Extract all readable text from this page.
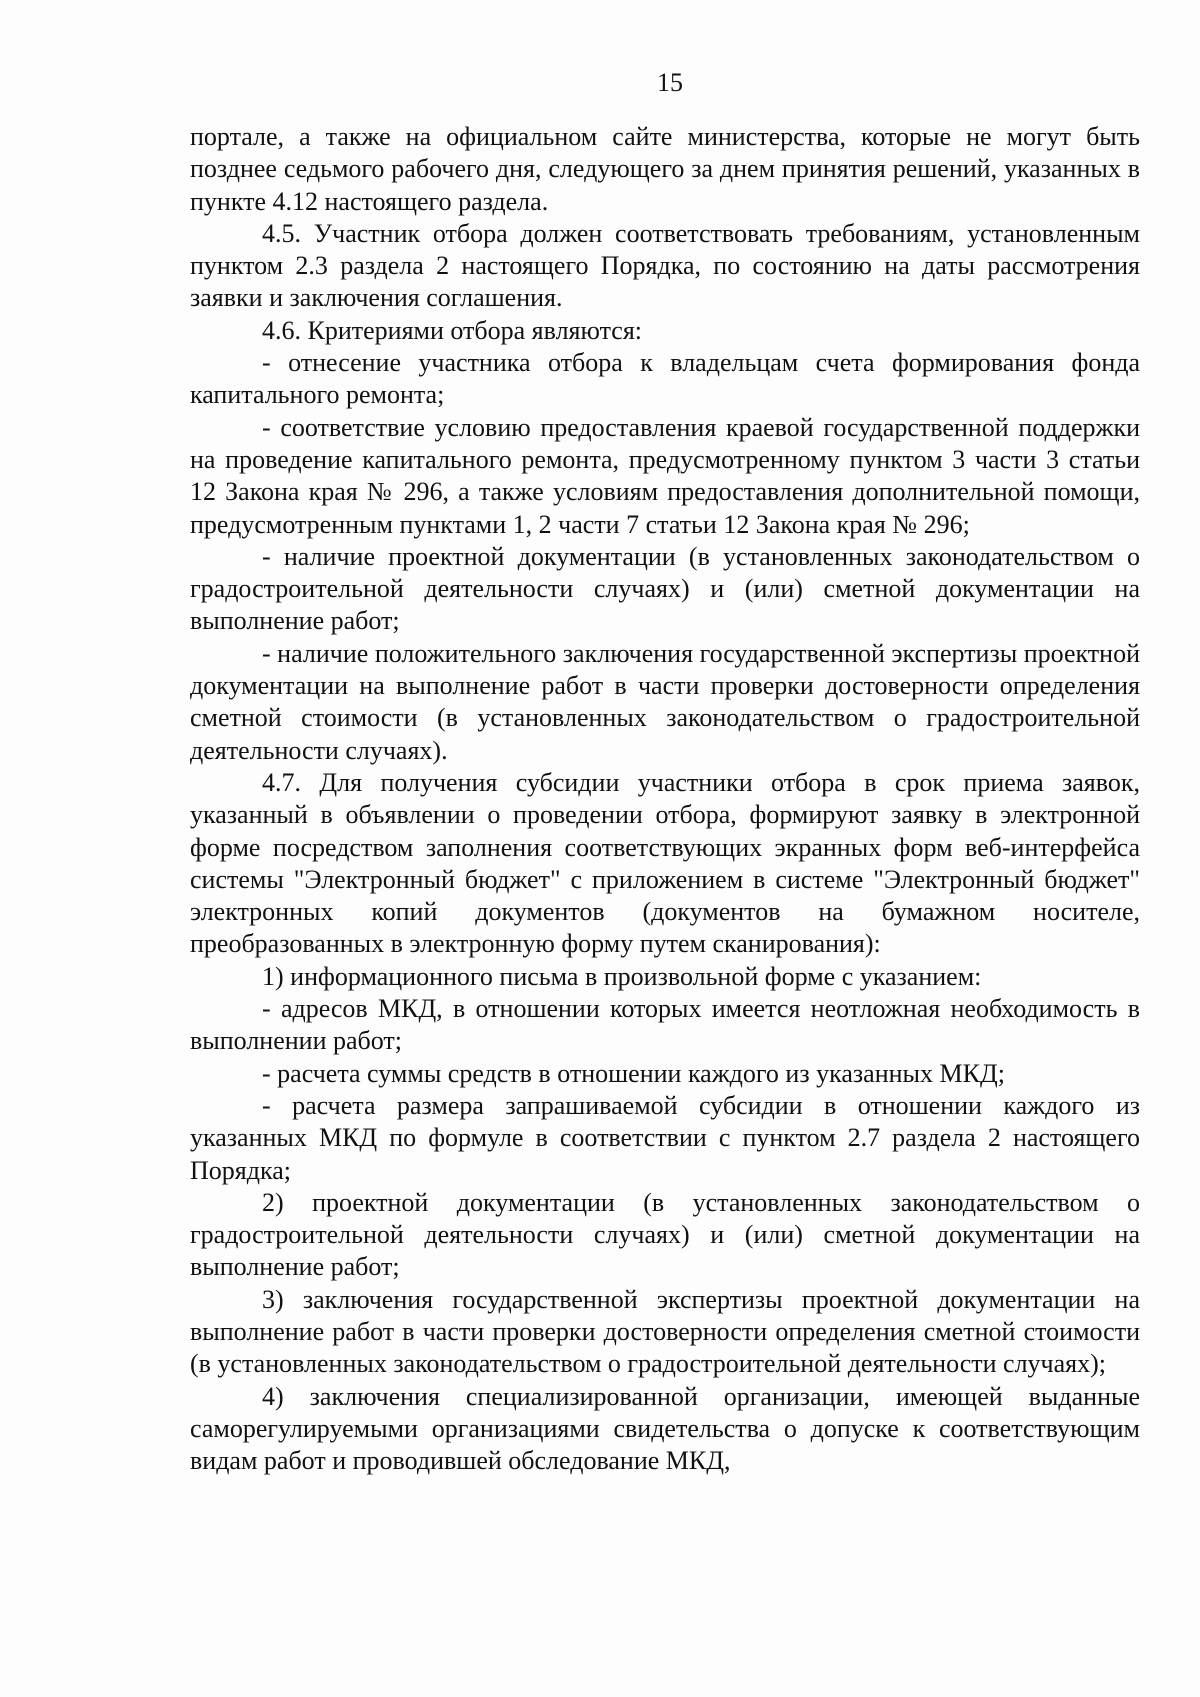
15

портале, а также на официальном сайте министерства, которые не могут быть позднее седьмого рабочего дня, следующего за днем принятия решений, указанных в пункте 4.12 настоящего раздела.

4.5. Участник отбора должен соответствовать требованиям, установленным пунктом 2.3 раздела 2 настоящего Порядка, по состоянию на даты рассмотрения заявки и заключения соглашения.

4.6. Критериями отбора являются:

- отнесение участника отбора к владельцам счета формирования фонда капитального ремонта;

- соответствие условию предоставления краевой государственной поддержки на проведение капитального ремонта, предусмотренному пунктом 3 части 3 статьи 12 Закона края № 296, а также условиям предоставления дополнительной помощи, предусмотренным пунктами 1, 2 части 7 статьи 12 Закона края № 296;

- наличие проектной документации (в установленных законодательством о градостроительной деятельности случаях) и (или) сметной документации на выполнение работ;

- наличие положительного заключения государственной экспертизы проектной документации на выполнение работ в части проверки достоверности определения сметной стоимости (в установленных законодательством о градостроительной деятельности случаях).

4.7. Для получения субсидии участники отбора в срок приема заявок, указанный в объявлении о проведении отбора, формируют заявку в электронной форме посредством заполнения соответствующих экранных форм веб-интерфейса системы "Электронный бюджет" с приложением в системе "Электронный бюджет" электронных копий документов (документов на бумажном носителе, преобразованных в электронную форму путем сканирования):

1) информационного письма в произвольной форме с указанием:

- адресов МКД, в отношении которых имеется неотложная необходимость в выполнении работ;

- расчета суммы средств в отношении каждого из указанных МКД;

- расчета размера запрашиваемой субсидии в отношении каждого из указанных МКД по формуле в соответствии с пунктом 2.7 раздела 2 настоящего Порядка;

2) проектной документации (в установленных законодательством о градостроительной деятельности случаях) и (или) сметной документации на выполнение работ;

3) заключения государственной экспертизы проектной документации на выполнение работ в части проверки достоверности определения сметной стоимости (в установленных законодательством о градостроительной деятельности случаях);

4) заключения специализированной организации, имеющей выданные саморегулируемыми организациями свидетельства о допуске к соответствующим видам работ и проводившей обследование МКД,
